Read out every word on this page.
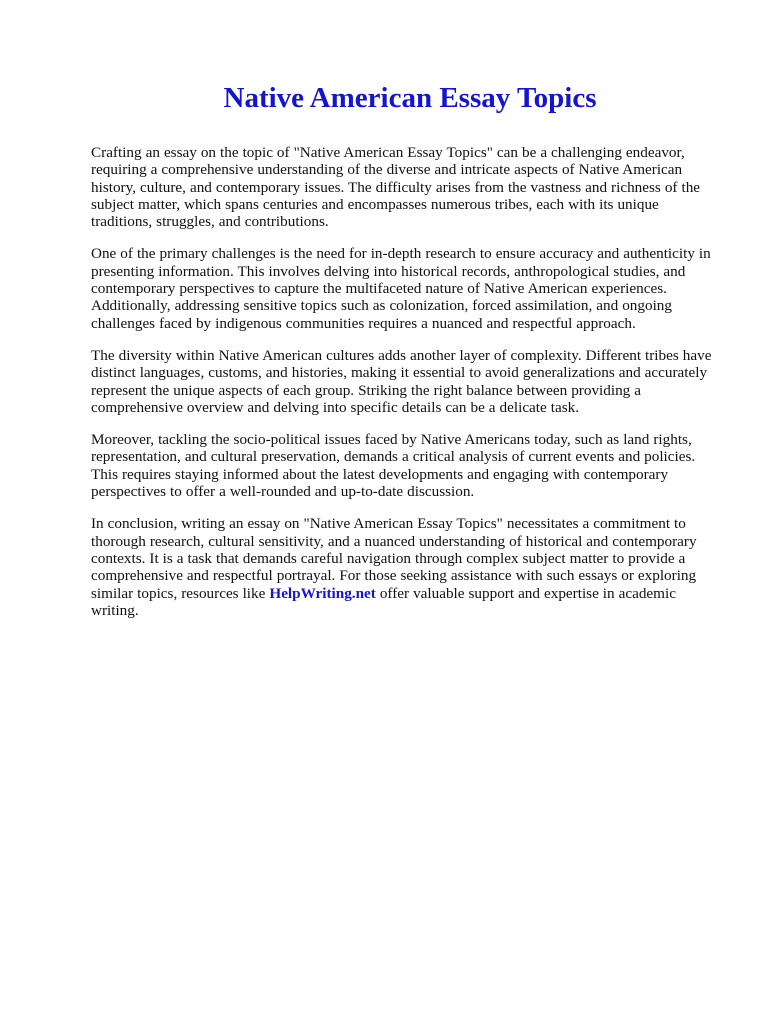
Native American Essay Topics

Crafting an essay on the topic of "Native American Essay Topics" can be a challenging endeavor, requiring a comprehensive understanding of the diverse and intricate aspects of Native American history, culture, and contemporary issues. The difficulty arises from the vastness and richness of the subject matter, which spans centuries and encompasses numerous tribes, each with its unique traditions, struggles, and contributions.

One of the primary challenges is the need for in-depth research to ensure accuracy and authenticity in presenting information. This involves delving into historical records, anthropological studies, and contemporary perspectives to capture the multifaceted nature of Native American experiences. Additionally, addressing sensitive topics such as colonization, forced assimilation, and ongoing challenges faced by indigenous communities requires a nuanced and respectful approach.

The diversity within Native American cultures adds another layer of complexity. Different tribes have distinct languages, customs, and histories, making it essential to avoid generalizations and accurately represent the unique aspects of each group. Striking the right balance between providing a comprehensive overview and delving into specific details can be a delicate task.

Moreover, tackling the socio-political issues faced by Native Americans today, such as land rights, representation, and cultural preservation, demands a critical analysis of current events and policies. This requires staying informed about the latest developments and engaging with contemporary perspectives to offer a well-rounded and up-to-date discussion.

In conclusion, writing an essay on "Native American Essay Topics" necessitates a commitment to thorough research, cultural sensitivity, and a nuanced understanding of historical and contemporary contexts. It is a task that demands careful navigation through complex subject matter to provide a comprehensive and respectful portrayal. For those seeking assistance with such essays or exploring similar topics, resources like HelpWriting.net offer valuable support and expertise in academic writing.
